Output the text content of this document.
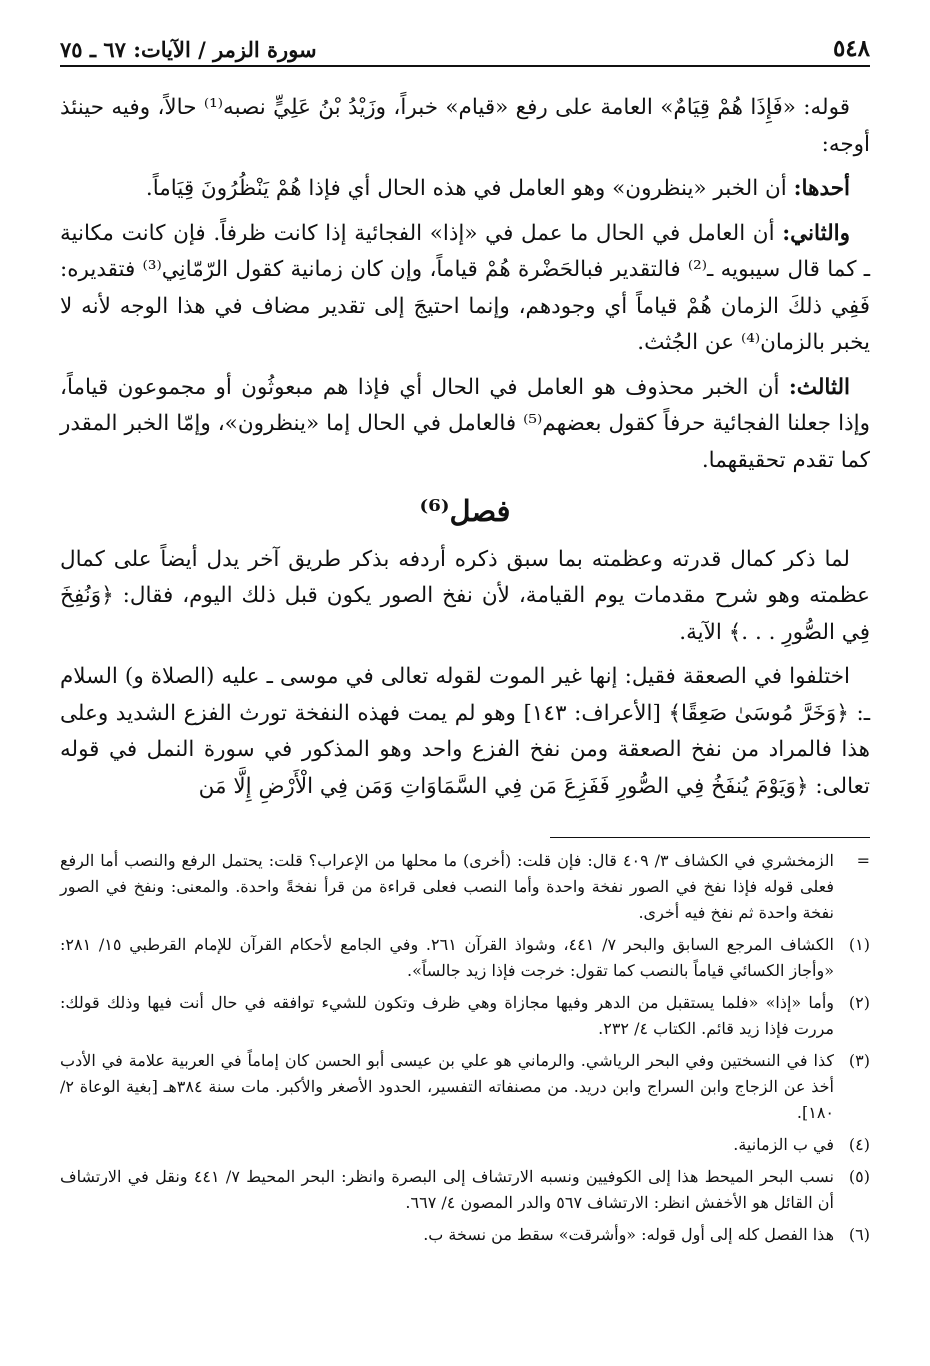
٥٤٨
سورة الزمر / الآيات: ٦٧ ـ ٧٥

قوله: «فَإِذَا هُمْ قِيَامٌ» العامة على رفع «قيام» خبراً، وزَيْدُ بْنُ عَلِيٍّ نصبه⁽¹⁾ حالاً، وفيه حينئذ أوجه:

أحدها: أن الخبر «ينظرون» وهو العامل في هذه الحال أي فإذا هُمْ يَنْظُرُونَ قِيَاماً.

والثاني: أن العامل في الحال ما عمل في «إذا» الفجائية إذا كانت ظرفاً. فإن كانت مكانية ـ كما قال سيبويه ـ⁽²⁾ فالتقدير فبالحَضْرة هُمْ قياماً، وإن كان زمانية كقول الرّمّانِي⁽³⁾ فتقديره: فَفِي ذلكَ الزمان هُمْ قياماً أي وجودهم، وإنما احتيجَ إلى تقدير مضاف في هذا الوجه لأنه لا يخبر بالزمان⁽⁴⁾ عن الجُثث.

الثالث: أن الخبر محذوف هو العامل في الحال أي فإذا هم مبعوثُون أو مجموعون قياماً، وإذا جعلنا الفجائية حرفاً كقول بعضهم⁽⁵⁾ فالعامل في الحال إما «ينظرون»، وإمّا الخبر المقدر كما تقدم تحقيقهما.

فصل⁽⁶⁾

لما ذكر كمال قدرته وعظمته بما سبق ذكره أردفه بذكر طريق آخر يدل أيضاً على كمال عظمته وهو شرح مقدمات يوم القيامة، لأن نفخ الصور يكون قبل ذلك اليوم، فقال: ﴿وَنُفِخَ فِي الصُّورِ . . .﴾ الآية.

اختلفوا في الصعقة فقيل: إنها غير الموت لقوله تعالى في موسى ـ عليه (الصلاة و) السلام ـ: ﴿وَخَرَّ مُوسَىٰ صَعِقًا﴾ [الأعراف: ١٤٣] وهو لم يمت فهذه النفخة تورث الفزع الشديد وعلى هذا فالمراد من نفخ الصعقة ومن نفخ الفزع واحد وهو المذكور في سورة النمل في قوله تعالى: ﴿وَيَوْمَ يُنفَخُ فِي الصُّورِ فَفَزِعَ مَن فِي السَّمَاوَاتِ وَمَن فِي الْأَرْضِ إِلَّا مَن

=
الزمخشري في الكشاف ٣/ ٤٠٩ قال: فإن قلت: (أخرى) ما محلها من الإعراب؟ قلت: يحتمل الرفع والنصب أما الرفع فعلى قوله فإذا نفخ في الصور نفخة واحدة وأما النصب فعلى قراءة من قرأ نفخةً واحدة. والمعنى: ونفخ في الصور نفخة واحدة ثم نفخ فيه أخرى.
(١)
الكشاف المرجع السابق والبحر ٧/ ٤٤١، وشواذ القرآن ٢٦١. وفي الجامع لأحكام القرآن للإمام القرطبي ١٥/ ٢٨١: «وأجاز الكسائي قياماً بالنصب كما تقول: خرجت فإذا زيد جالساً».
(٢)
وأما «إذا» «فلما يستقبل من الدهر وفيها مجازاة وهي ظرف وتكون للشيء توافقه في حال أنت فيها وذلك قولك: مررت فإذا زيد قائم. الكتاب ٤/ ٢٣٢.
(٣)
كذا في النسختين وفي البحر الرياشي. والرماني هو علي بن عيسى أبو الحسن كان إماماً في العربية علامة في الأدب أخذ عن الزجاج وابن السراج وابن دريد. من مصنفاته التفسير، الحدود الأصغر والأكبر. مات سنة ٣٨٤هـ [بغية الوعاة ٢/ ١٨٠].
(٤)
في ب الزمانية.
(٥)
نسب البحر الميحط هذا إلى الكوفيين ونسبه الارتشاف إلى البصرة وانظر: البحر المحيط ٧/ ٤٤١ ونقل في الارتشاف أن القائل هو الأخفش انظر: الارتشاف ٥٦٧ والدر المصون ٤/ ٦٦٧.
(٦)
هذا الفصل كله إلى أول قوله: «وأشرقت» سقط من نسخة ب.
